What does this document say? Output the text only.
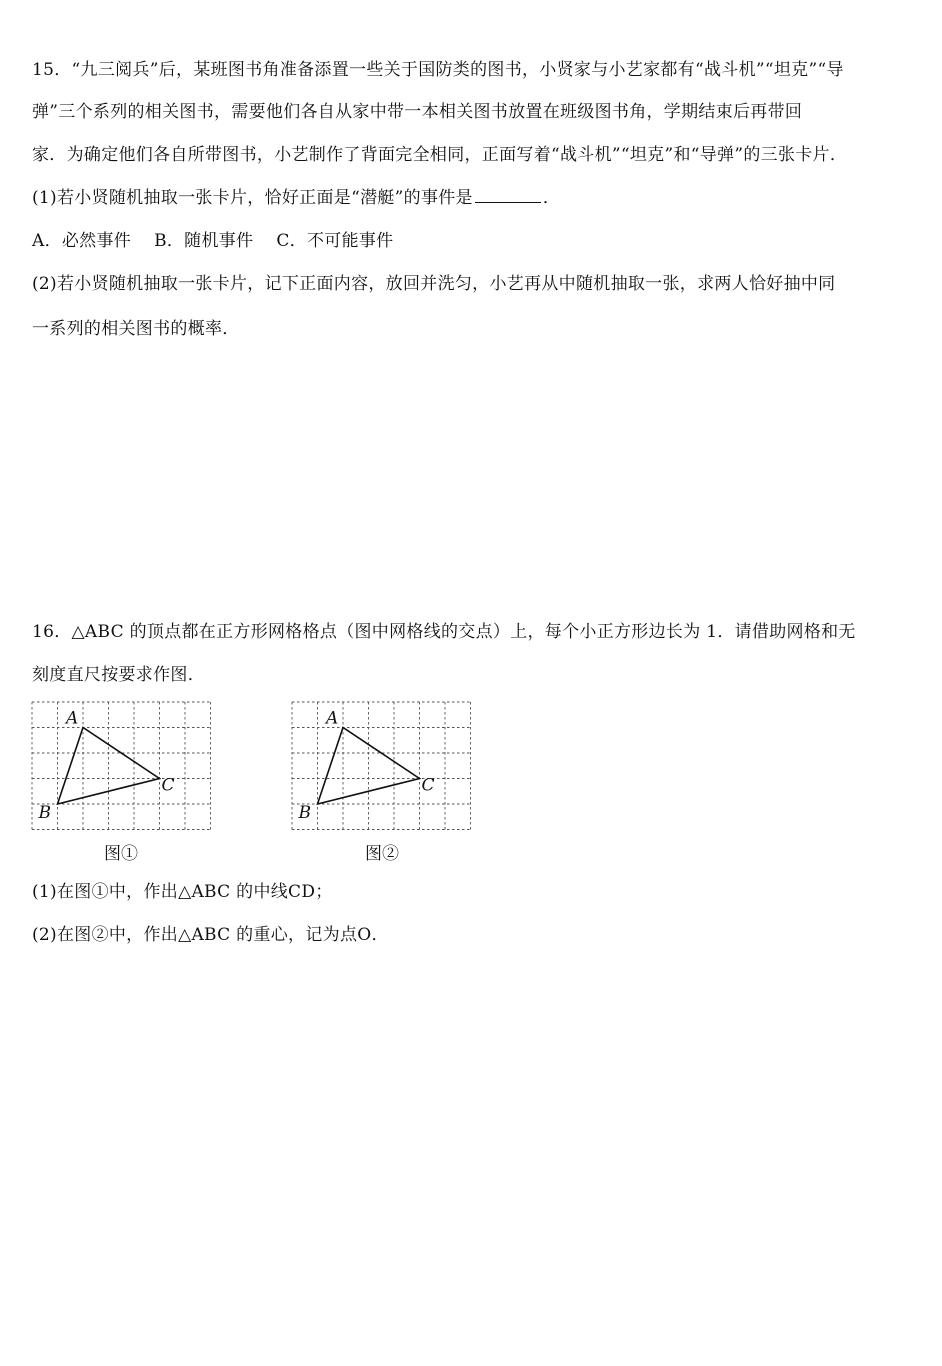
15．“九三阅兵”后，某班图书角准备添置一些关于国防类的图书，小贤家与小艺家都有“战斗机”“坦克”“导
弹”三个系列的相关图书，需要他们各自从家中带一本相关图书放置在班级图书角，学期结束后再带回
家．为确定他们各自所带图书，小艺制作了背面完全相同，正面写着“战斗机”“坦克”和“导弹”的三张卡片．
(1)若小贤随机抽取一张卡片，恰好正面是“潜艇”的事件是	．
A．必然事件　 B．随机事件　 C．不可能事件
(2)若小贤随机抽取一张卡片，记下正面内容，放回并洗匀，小艺再从中随机抽取一张，求两人恰好抽中同
一系列的相关图书的概率．
16．△ABC 的顶点都在正方形网格格点（图中网格线的交点）上，每个小正方形边长为 1．请借助网格和无
刻度直尺按要求作图．
A
B
C
A
B
C
图①	图②
(1)在图①中，作出△ABC 的中线CD；
(2)在图②中，作出△ABC 的重心，记为点O．
